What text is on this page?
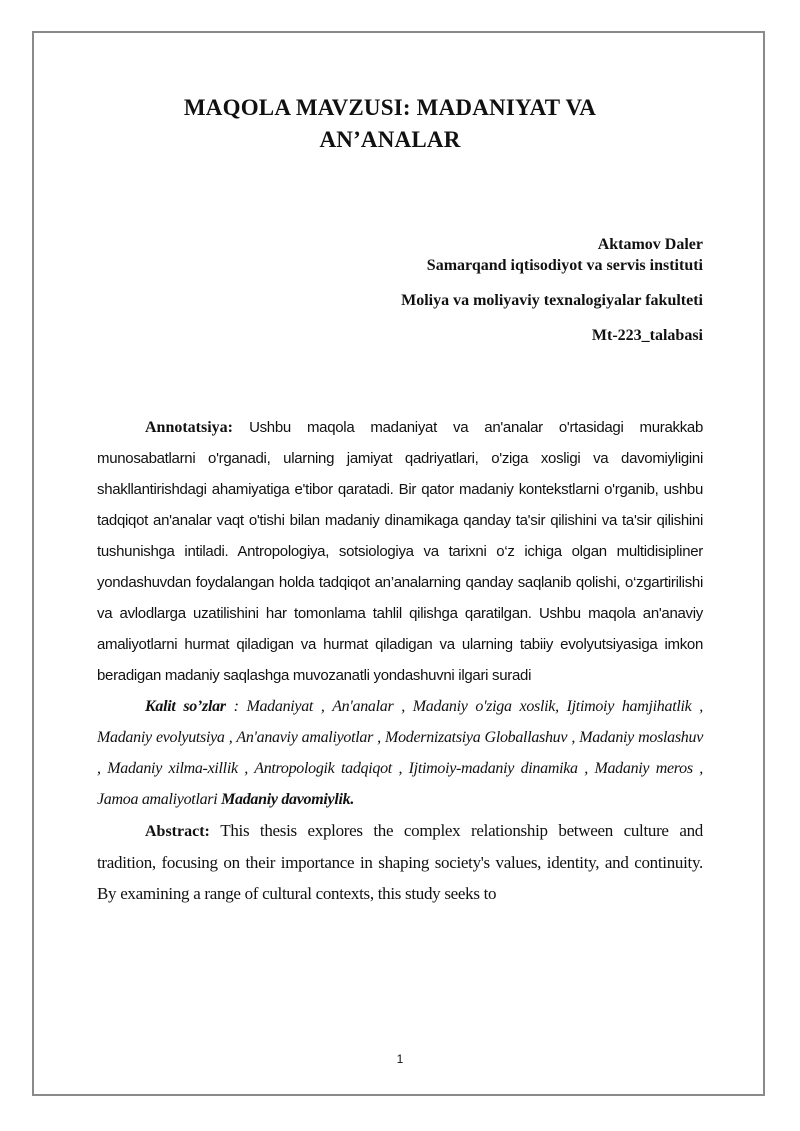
MAQOLA MAVZUSI: MADANIYAT VA
AN’ANALAR
Aktamov Daler
Samarqand iqtisodiyot va servis instituti
Moliya va moliyaviy texnalogiyalar fakulteti
Mt-223_talabasi

Annotatsiya: Ushbu maqola madaniyat va an'analar o'rtasidagi murakkab munosabatlarni o'rganadi, ularning jamiyat qadriyatlari, o'ziga xosligi va davomiyligini shakllantirishdagi ahamiyatiga e'tibor qaratadi. Bir qator madaniy kontekstlarni o'rganib, ushbu tadqiqot an'analar vaqt o'tishi bilan madaniy dinamikaga qanday ta'sir qilishini va ta'sir qilishini tushunishga intiladi. Antropologiya, sotsiologiya va tarixni o‘z ichiga olgan multidisipliner yondashuvdan foydalangan holda tadqiqot an’analarning qanday saqlanib qolishi, o‘zgartirilishi va avlodlarga uzatilishini har tomonlama tahlil qilishga qaratilgan. Ushbu maqola an'anaviy amaliyotlarni hurmat qiladigan va hurmat qiladigan va ularning tabiiy evolyutsiyasiga imkon beradigan madaniy saqlashga muvozanatli yondashuvni ilgari suradi

Kalit so’zlar : Madaniyat , An'analar , Madaniy o'ziga xoslik, Ijtimoiy hamjihatlik , Madaniy evolyutsiya , An'anaviy amaliyotlar , Modernizatsiya Globallashuv , Madaniy moslashuv , Madaniy xilma-xillik , Antropologik tadqiqot , Ijtimoiy-madaniy dinamika , Madaniy meros , Jamoa amaliyotlari Madaniy davomiylik.

Abstract: This thesis explores the complex relationship between culture and tradition, focusing on their importance in shaping society's values, identity, and continuity. By examining a range of cultural contexts, this study seeks to

1
